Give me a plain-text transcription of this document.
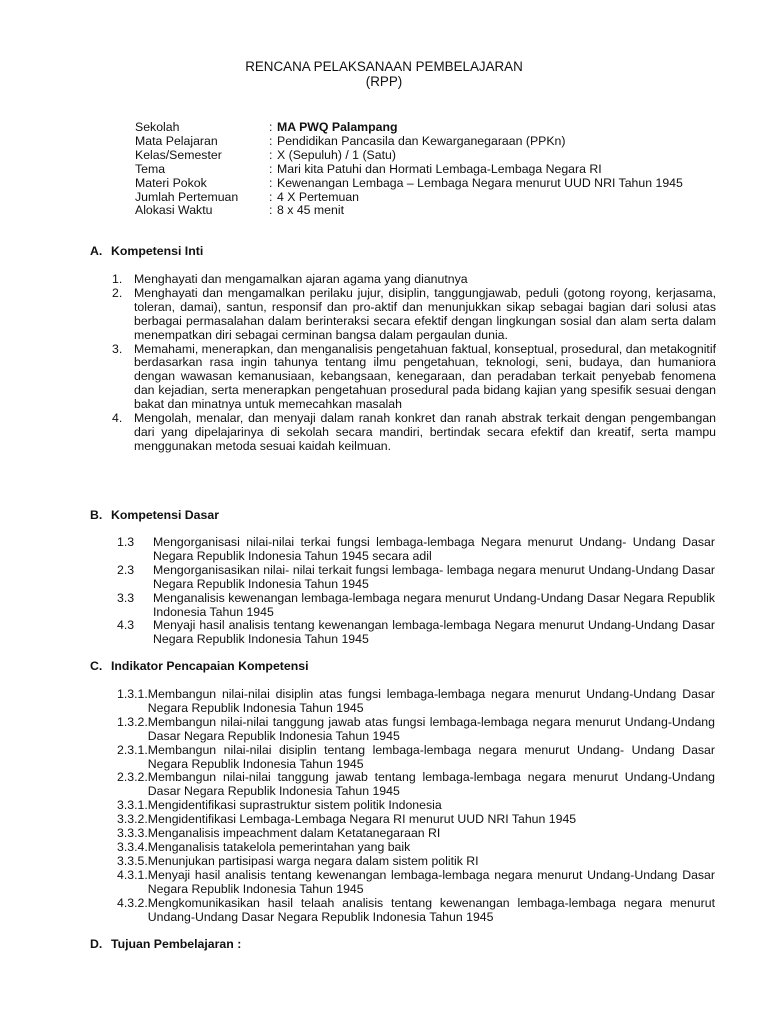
RENCANA PELAKSANAAN PEMBELAJARAN
(RPP)
Sekolah	: MA PWQ Palampang
Mata Pelajaran	: Pendidikan Pancasila dan Kewarganegaraan (PPKn)
Kelas/Semester	: X (Sepuluh) / 1 (Satu)
Tema	: Mari kita Patuhi dan Hormati Lembaga-Lembaga Negara RI
Materi Pokok	: Kewenangan Lembaga – Lembaga Negara menurut UUD NRI Tahun 1945
Jumlah Pertemuan	: 4 X Pertemuan
Alokasi Waktu	: 8 x 45 menit
A. Kompetensi Inti
1. Menghayati dan mengamalkan ajaran agama yang dianutnya
2. Menghayati dan mengamalkan perilaku jujur, disiplin, tanggungjawab, peduli (gotong royong, kerjasama, toleran, damai), santun, responsif dan pro-aktif dan menunjukkan sikap sebagai bagian dari solusi atas berbagai permasalahan dalam berinteraksi secara efektif dengan lingkungan sosial dan alam serta dalam menempatkan diri sebagai cerminan bangsa dalam pergaulan dunia.
3. Memahami, menerapkan, dan menganalisis pengetahuan faktual, konseptual, prosedural, dan metakognitif berdasarkan rasa ingin tahunya tentang ilmu pengetahuan, teknologi, seni, budaya, dan humaniora dengan wawasan kemanusiaan, kebangsaan, kenegaraan, dan peradaban terkait penyebab fenomena dan kejadian, serta menerapkan pengetahuan prosedural pada bidang kajian yang spesifik sesuai dengan bakat dan minatnya untuk memecahkan masalah
4. Mengolah, menalar, dan menyaji dalam ranah konkret dan ranah abstrak terkait dengan pengembangan dari yang dipelajarinya di sekolah secara mandiri, bertindak secara efektif dan kreatif, serta mampu menggunakan metoda sesuai kaidah keilmuan.
B. Kompetensi Dasar
1.3	Mengorganisasi nilai-nilai terkai fungsi lembaga-lembaga Negara menurut Undang- Undang Dasar Negara Republik Indonesia Tahun 1945 secara adil
2.3	Mengorganisasikan nilai- nilai terkait fungsi lembaga- lembaga negara menurut Undang-Undang Dasar Negara Republik Indonesia Tahun 1945
3.3	Menganalisis kewenangan lembaga-lembaga negara menurut Undang-Undang Dasar Negara Republik Indonesia Tahun 1945
4.3	Menyaji hasil analisis tentang kewenangan lembaga-lembaga Negara menurut Undang-Undang Dasar Negara Republik Indonesia Tahun 1945
C. Indikator Pencapaian Kompetensi
1.3.1. Membangun nilai-nilai disiplin atas fungsi lembaga-lembaga negara menurut Undang-Undang Dasar Negara Republik Indonesia Tahun 1945
1.3.2. Membangun nilai-nilai tanggung jawab atas fungsi lembaga-lembaga negara menurut Undang-Undang Dasar Negara Republik Indonesia Tahun 1945
2.3.1. Membangun nilai-nilai disiplin tentang lembaga-lembaga negara menurut Undang- Undang Dasar Negara Republik Indonesia Tahun 1945
2.3.2. Membangun nilai-nilai tanggung jawab tentang lembaga-lembaga negara menurut Undang-Undang Dasar Negara Republik Indonesia Tahun 1945
3.3.1. Mengidentifikasi suprastruktur sistem politik Indonesia
3.3.2. Mengidentifikasi Lembaga-Lembaga Negara RI menurut UUD NRI Tahun 1945
3.3.3. Menganalisis impeachment dalam Ketatanegaraan RI
3.3.4. Menganalisis tatakelola pemerintahan yang baik
3.3.5. Menunjukan partisipasi warga negara dalam sistem politik RI
4.3.1. Menyaji hasil analisis tentang kewenangan lembaga-lembaga negara menurut Undang-Undang Dasar Negara Republik Indonesia Tahun 1945
4.3.2. Mengkomunikasikan hasil telaah analisis tentang kewenangan lembaga-lembaga negara menurut Undang-Undang Dasar Negara Republik Indonesia Tahun 1945
D. Tujuan Pembelajaran :
